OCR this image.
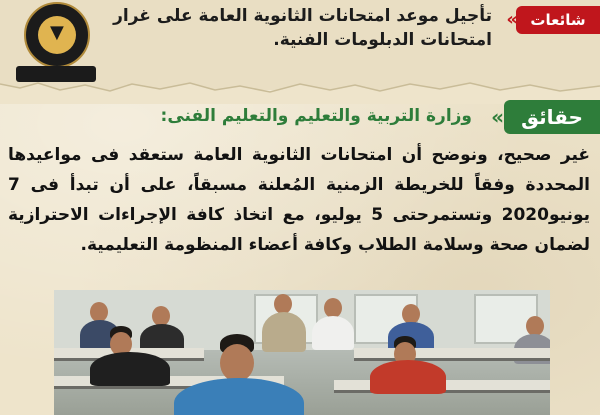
شائعات
»
تأجيل موعد امتحانات الثانوية العامة على غرار امتحانات الدبلومات الفنية.
▼
حقائق
»
وزارة التربية والتعليم والتعليم الفنى:
غير صحيح، ونوضح أن امتحانات الثانوية العامة ستعقد فى مواعيدها المحددة وفقاً للخريطة الزمنية المُعلنة مسبقاً، على أن تبدأ فى 7 يونيو2020 وتستمرحتى 5 يوليو، مع اتخاذ كافة الإجراءات الاحترازية لضمان صحة وسلامة الطلاب وكافة أعضاء المنظومة التعليمية.
